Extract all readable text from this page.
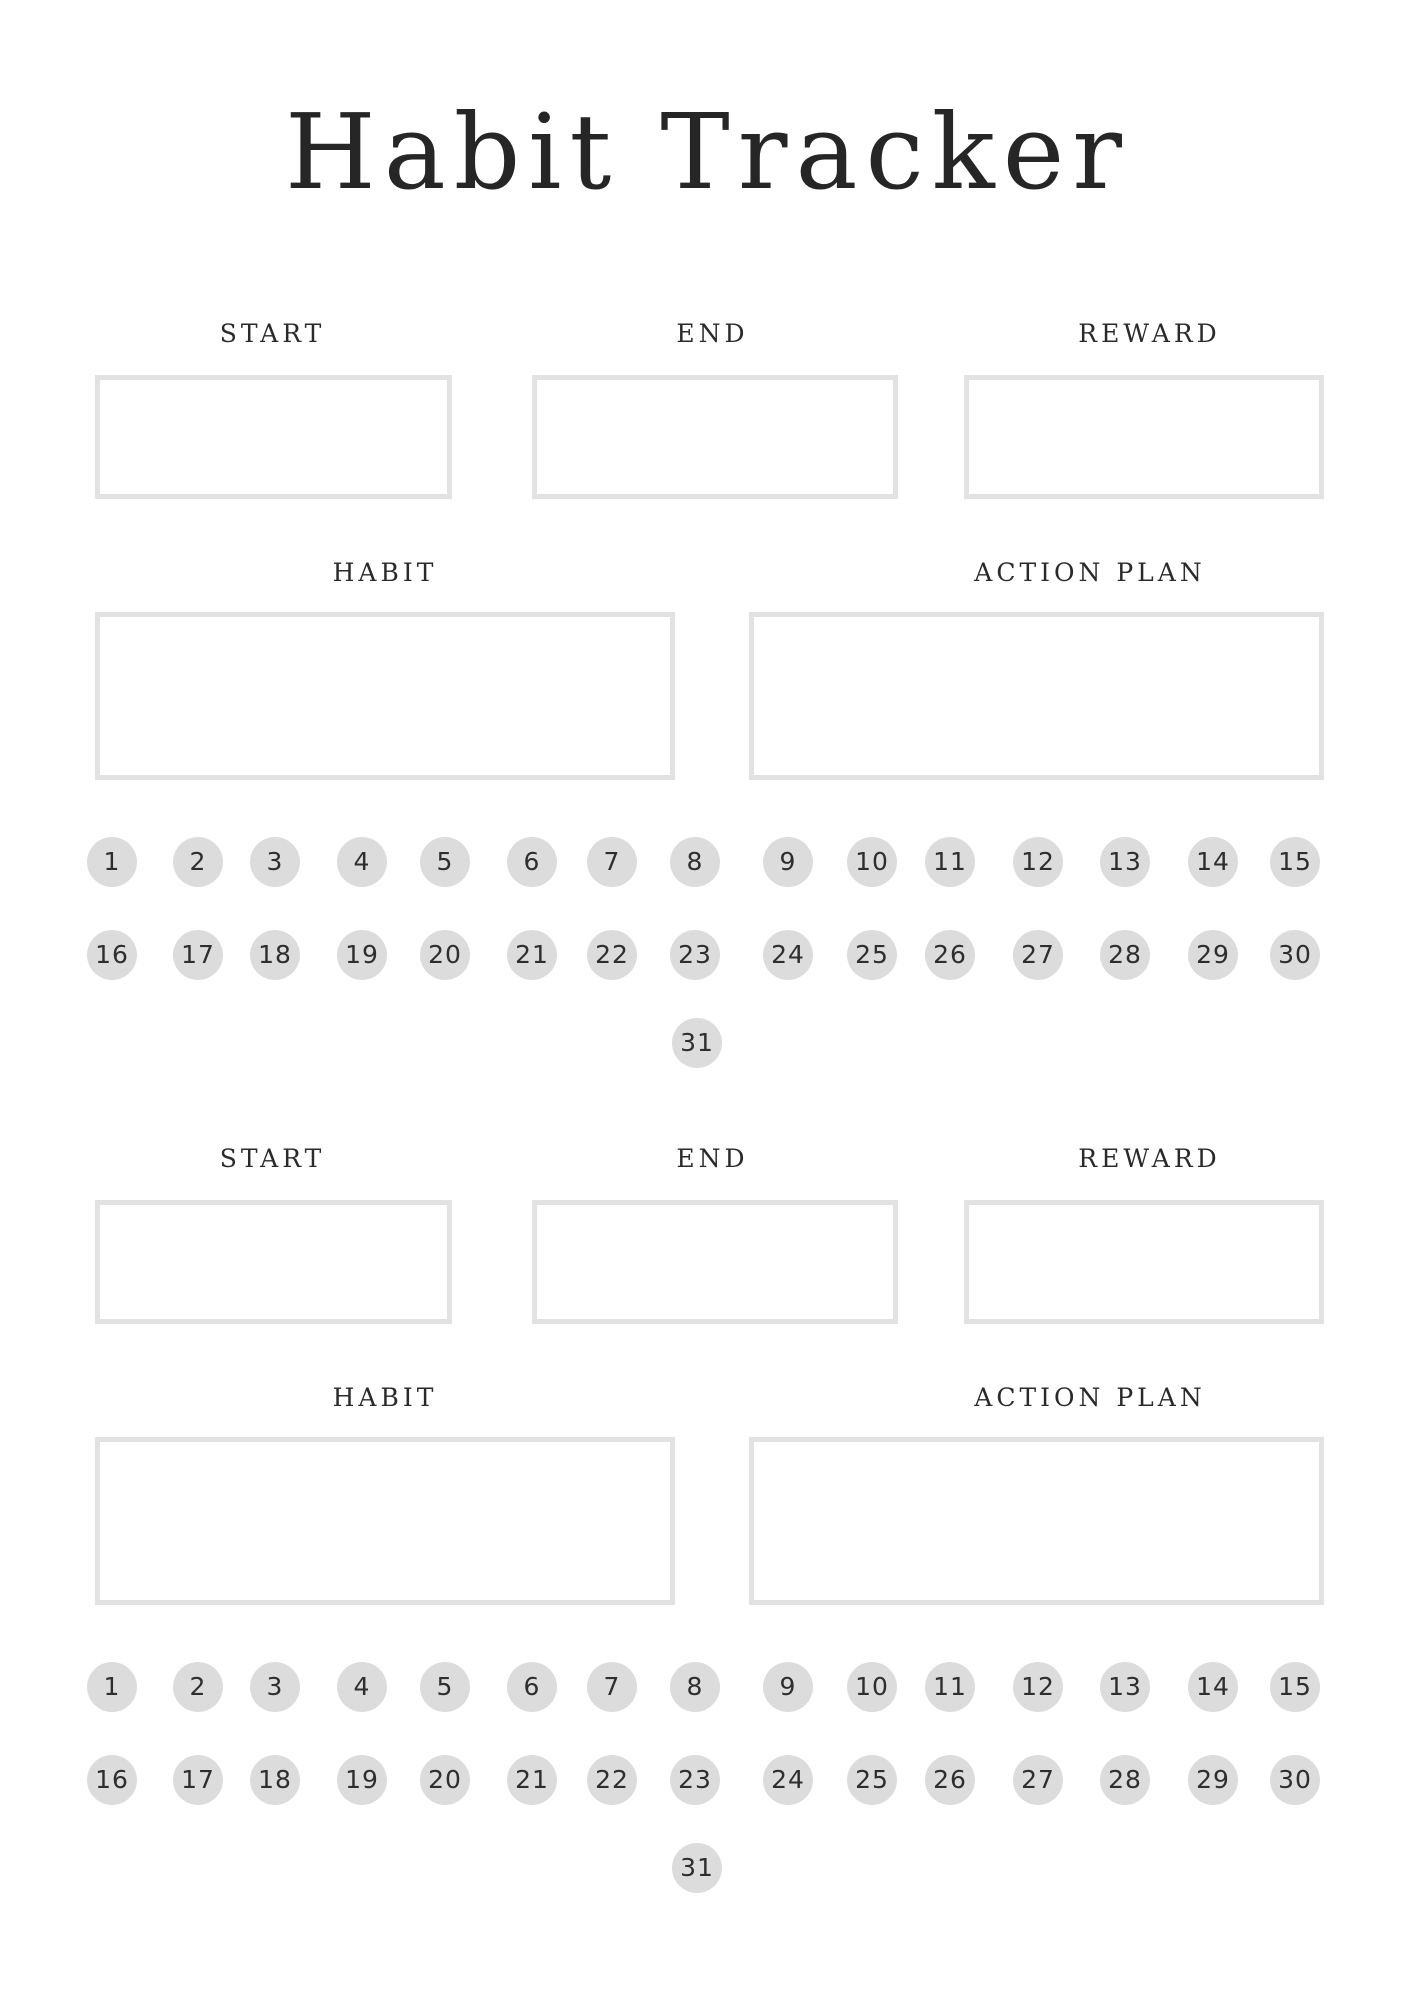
Habit Tracker
START	END	REWARD
HABIT	ACTION PLAN
1	2	3	4	5	6	7	8	9	10	11	12	13	14	15
16	17	18	19	20	21	22	23	24	25	26	27	28	29	30
31
START	END	REWARD
HABIT	ACTION PLAN
1	2	3	4	5	6	7	8	9	10	11	12	13	14	15
16	17	18	19	20	21	22	23	24	25	26	27	28	29	30
31
